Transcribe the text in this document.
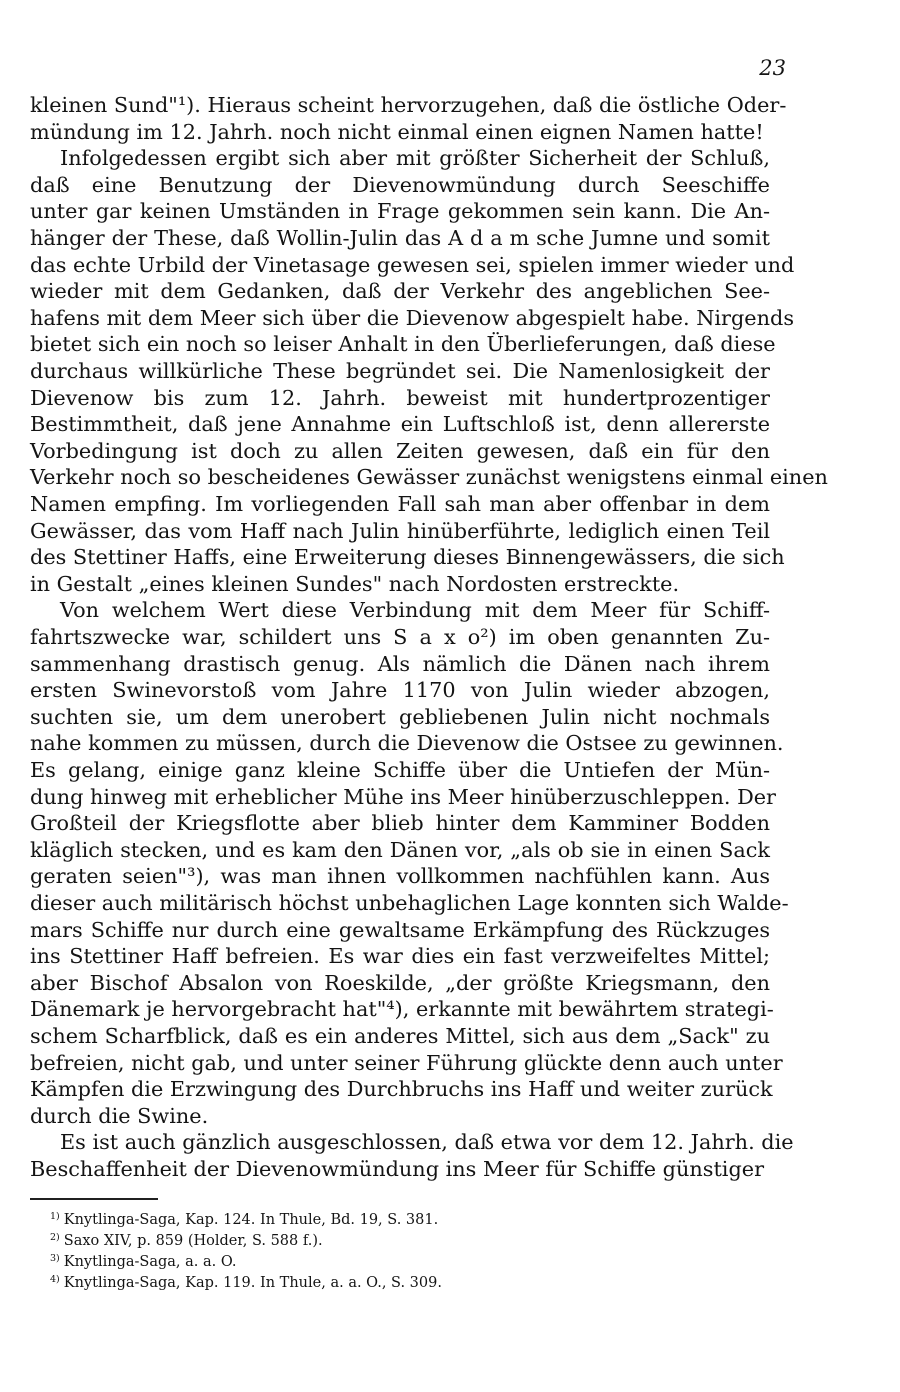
23
kleinen Sund"¹). Hieraus scheint hervorzugehen, daß die östliche Oder-
mündung im 12. Jahrh. noch nicht einmal einen eignen Namen hatte!
Infolgedessen ergibt sich aber mit größter Sicherheit der Schluß,
daß eine Benutzung der Dievenowmündung durch Seeschiffe
unter gar keinen Umständen in Frage gekommen sein kann. Die An-
hänger der These, daß Wollin-Julin das A d a m sche Jumne und somit
das echte Urbild der Vinetasage gewesen sei, spielen immer wieder und
wieder mit dem Gedanken, daß der Verkehr des angeblichen See-
hafens mit dem Meer sich über die Dievenow abgespielt habe. Nirgends
bietet sich ein noch so leiser Anhalt in den Überlieferungen, daß diese
durchaus willkürliche These begründet sei. Die Namenlosigkeit der
Dievenow bis zum 12. Jahrh. beweist mit hundertprozentiger
Bestimmtheit, daß jene Annahme ein Luftschloß ist, denn allererste
Vorbedingung ist doch zu allen Zeiten gewesen, daß ein für den
Verkehr noch so bescheidenes Gewässer zunächst wenigstens einmal einen
Namen empfing. Im vorliegenden Fall sah man aber offenbar in dem
Gewässer, das vom Haff nach Julin hinüberführte, lediglich einen Teil
des Stettiner Haffs, eine Erweiterung dieses Binnengewässers, die sich
in Gestalt „eines kleinen Sundes" nach Nordosten erstreckte.
Von welchem Wert diese Verbindung mit dem Meer für Schiff-
fahrtszwecke war, schildert uns S a x o²) im oben genannten Zu-
sammenhang drastisch genug. Als nämlich die Dänen nach ihrem
ersten Swinevorstoß vom Jahre 1170 von Julin wieder abzogen,
suchten sie, um dem unerobert gebliebenen Julin nicht nochmals
nahe kommen zu müssen, durch die Dievenow die Ostsee zu gewinnen.
Es gelang, einige ganz kleine Schiffe über die Untiefen der Mün-
dung hinweg mit erheblicher Mühe ins Meer hinüberzuschleppen. Der
Großteil der Kriegsflotte aber blieb hinter dem Kamminer Bodden
kläglich stecken, und es kam den Dänen vor, „als ob sie in einen Sack
geraten seien"³), was man ihnen vollkommen nachfühlen kann. Aus
dieser auch militärisch höchst unbehaglichen Lage konnten sich Walde-
mars Schiffe nur durch eine gewaltsame Erkämpfung des Rückzuges
ins Stettiner Haff befreien. Es war dies ein fast verzweifeltes Mittel;
aber Bischof Absalon von Roeskilde, „der größte Kriegsmann, den
Dänemark je hervorgebracht hat"⁴), erkannte mit bewährtem strategi-
schem Scharfblick, daß es ein anderes Mittel, sich aus dem „Sack" zu
befreien, nicht gab, und unter seiner Führung glückte denn auch unter
Kämpfen die Erzwingung des Durchbruchs ins Haff und weiter zurück
durch die Swine.
Es ist auch gänzlich ausgeschlossen, daß etwa vor dem 12. Jahrh. die
Beschaffenheit der Dievenowmündung ins Meer für Schiffe günstiger
$^{1)}$ Knytlinga-Saga, Kap. 124. In Thule, Bd. 19, S. 381.
$^{2)}$ Saxo XIV, p. 859 (Holder, S. 588 f.).
$^{3)}$ Knytlinga-Saga, a. a. O.
$^{4)}$ Knytlinga-Saga, Kap. 119. In Thule, a. a. O., S. 309.
